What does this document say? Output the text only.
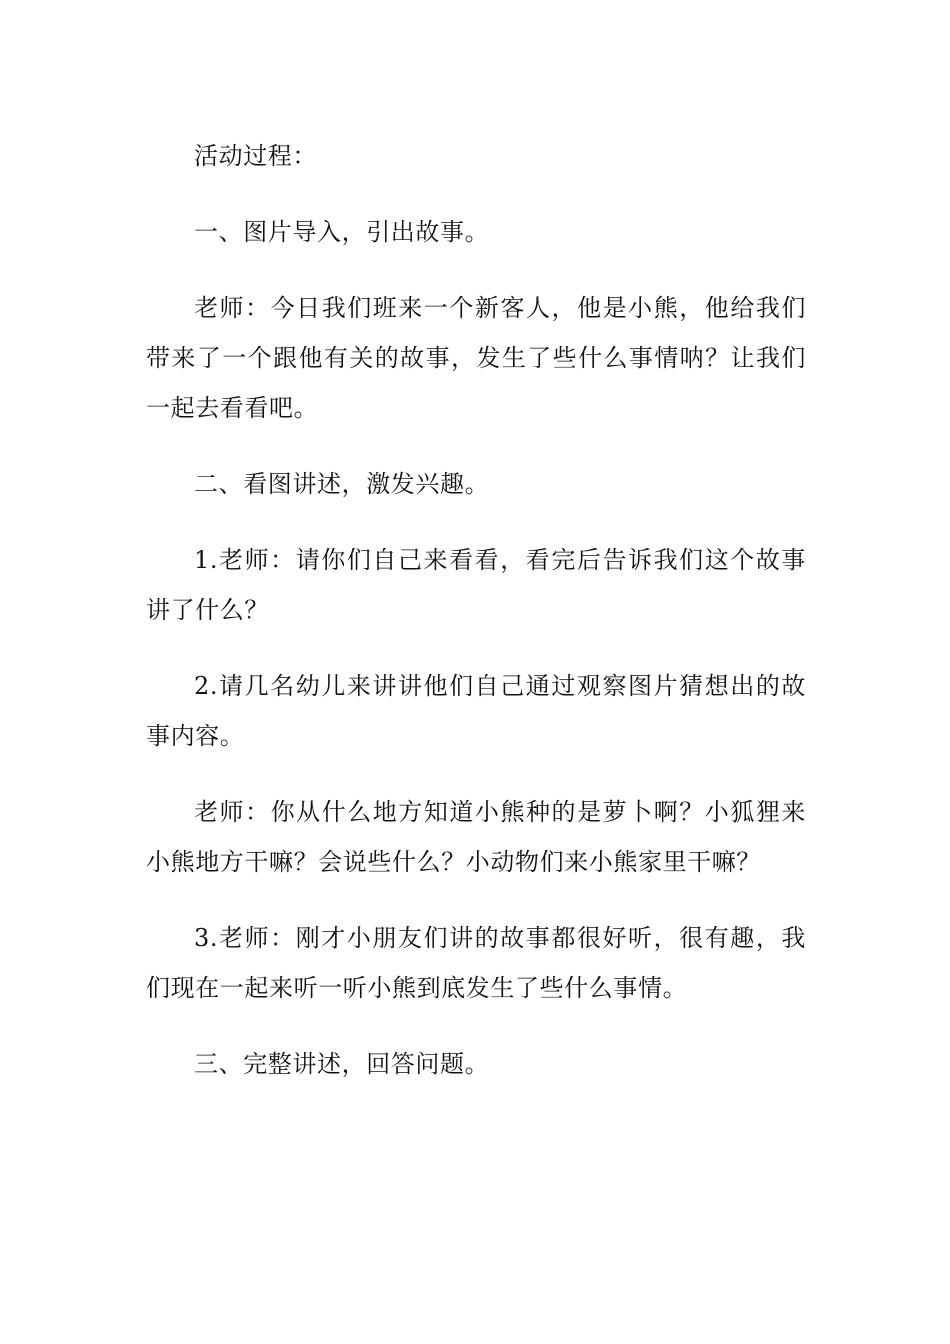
活动过程：

一、图片导入，引出故事。

老师：今日我们班来一个新客人，他是小熊，他给我们带来了一个跟他有关的故事，发生了些什么事情呐？让我们一起去看看吧。

二、看图讲述，激发兴趣。

1.老师：请你们自己来看看，看完后告诉我们这个故事讲了什么？

2.请几名幼儿来讲讲他们自己通过观察图片猜想出的故事内容。

老师：你从什么地方知道小熊种的是萝卜啊？小狐狸来小熊地方干嘛？会说些什么？小动物们来小熊家里干嘛？

3.老师：刚才小朋友们讲的故事都很好听，很有趣，我们现在一起来听一听小熊到底发生了些什么事情。

三、完整讲述，回答问题。
